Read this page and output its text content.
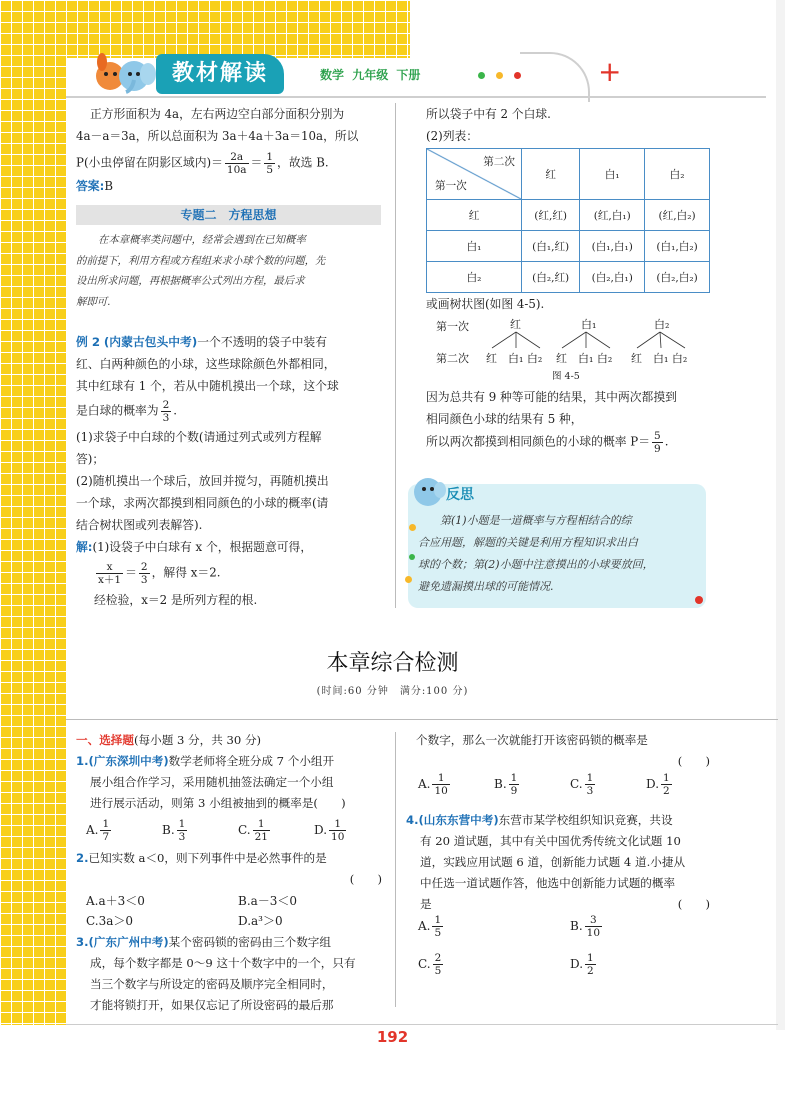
教材解读	数学 九年级 下册	+
正方形面积为 4a，左右两边空白部分面积分别为
4a－a＝3a，所以总面积为 3a＋4a＋3a＝10a，所以
P(小虫停留在阴影区域内)＝ $\frac{2a}{10a} = \frac{1}{5}$ ，故选 B.
答案:B
专题二　方程思想
在本章概率类问题中，经常会遇到在已知概率
的前提下，利用方程或方程组来求小球个数的问题，先
设出所求问题，再根据概率公式列出方程，最后求
解即可.
例 2 (内蒙古包头中考)一个不透明的袋子中装有
红、白两种颜色的小球，这些球除颜色外都相同，
其中红球有 1 个，若从中随机摸出一个球，这个球
是白球的概率为 $\frac{2}{3}$ .
(1)求袋子中白球的个数(请通过列式或列方程解
答)；
(2)随机摸出一个球后，放回并搅匀，再随机摸出
一个球，求两次都摸到相同颜色的小球的概率(请
结合树状图或列表解答).
解:(1)设袋子中白球有 x 个，根据题意可得，
$\frac{x}{x+1} = \frac{2}{3}$ ，解得 x＝2.
经检验，x＝2 是所列方程的根.
所以袋子中有 2 个白球.
(2)列表：
第二次
第一次	红	白₁	白₂
红	(红,红)	(红,白₁)	(红,白₂)
白₁	(白₁,红)	(白₁,白₁)	(白₁,白₂)
白₂	(白₂,红)	(白₂,白₁)	(白₂,白₂)
或画树状图(如图 4-5).
第一次
第二次
红	白₁	白₂
红　白₁ 白₂ 红　白₁ 白₂ 红　白₁ 白₂
图 4-5
因为总共有 9 种等可能的结果，其中两次都摸到
相同颜色小球的结果有 5 种，
所以两次都摸到相同颜色的小球的概率 $P= \frac{5}{9}$ .
反思
第(1)小题是一道概率与方程相结合的综
合应用题，解题的关键是利用方程知识求出白
球的个数；第(2)小题中注意摸出的小球要放回，
避免遗漏摸出球的可能情况.
本章综合检测
(时间:60 分钟　满分:100 分)
一、选择题(每小题 3 分，共 30 分)
1.(广东深圳中考)数学老师将全班分成 7 个小组开
展小组合作学习，采用随机抽签法确定一个小组
进行展示活动，则第 3 小组被抽到的概率是(　　)
A. $\frac{1}{7}$	B. $\frac{1}{3}$	C. $\frac{1}{21}$	D. $\frac{1}{10}$
2.已知实数 a＜0，则下列事件中是必然事件的是
(　　)
A.a＋3＜0	B.a－3＜0
C.3a＞0	D.a³＞0
3.(广东广州中考)某个密码锁的密码由三个数字组
成，每个数字都是 0～9 这十个数字中的一个，只有
当三个数字与所设定的密码及顺序完全相同时，
才能将锁打开，如果仅忘记了所设密码的最后那
个数字，那么一次就能打开该密码锁的概率是
(　　)
A. $\frac{1}{10}$	B. $\frac{1}{9}$	C. $\frac{1}{3}$	D. $\frac{1}{2}$
4.(山东东营中考)东营市某学校组织知识竞赛，共设
有 20 道试题，其中有关中国优秀传统文化试题 10
道，实践应用试题 6 道，创新能力试题 4 道.小捷从
中任选一道试题作答，他选中创新能力试题的概率
是	(　　)
A. $\frac{1}{5}$	B. $\frac{3}{10}$
C. $\frac{2}{5}$	D. $\frac{1}{2}$
192
